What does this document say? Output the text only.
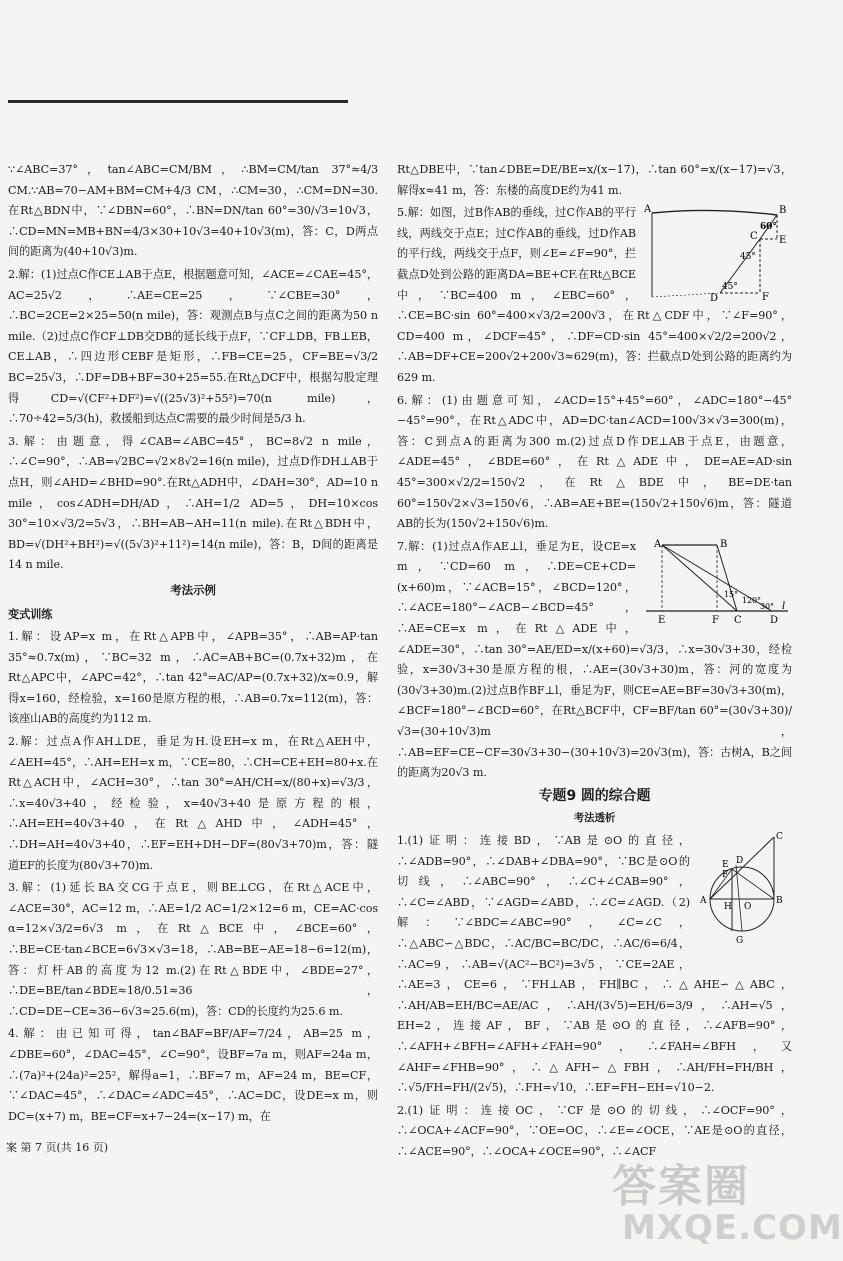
∵∠ABC=37°，tan∠ABC=CM/BM，∴BM=CM/tan 37°≈4/3 CM.∵AB=70−AM+BM=CM+4/3 CM，∴CM=30，∴CM=DN=30.在Rt△BDN中，∵∠DBN=60°，∴BN=DN/tan 60°=30/√3=10√3，∴CD=MN=MB+BN=4/3×30+10√3=40+10√3(m)，答：C，D两点间的距离为(40+10√3)m.

2.解：(1)过点C作CE⊥AB于点E，根据题意可知，∠ACE=∠CAE=45°，AC=25√2，∴AE=CE=25，∵∠CBE=30°，∴BC=2CE=2×25=50(n mile)，答：观测点B与点C之间的距离为50 n mile.（2)过点C作CF⊥DB交DB的延长线于点F，∵CF⊥DB，FB⊥EB，CE⊥AB，∴四边形CEBF是矩形，∴FB=CE=25，CF=BE=√3/2 BC=25√3，∴DF=DB+BF=30+25=55.在Rt△DCF中，根据勾股定理得CD=√(CF²+DF²)=√((25√3)²+55²)=70(n mile)，∴70÷42=5/3(h)，救援船到达点C需要的最少时间是5/3 h.

3.解：由题意，得∠CAB=∠ABC=45°，BC=8√2 n mile，∴∠C=90°，∴AB=√2BC=√2×8√2=16(n mile)，过点D作DH⊥AB于点H，则∠AHD=∠BHD=90°.在Rt△ADH中，∠DAH=30°，AD=10 n mile，cos∠ADH=DH/AD，∴AH=1/2 AD=5，DH=10×cos 30°=10×√3/2=5√3，∴BH=AB−AH=11(n mile).在Rt△BDH中，BD=√(DH²+BH²)=√((5√3)²+11²)=14(n mile)，答：B，D间的距离是14 n mile.

考法示例
变式训练

1.解：设AP=x m，在Rt△APB中，∠APB=35°，∴AB=AP·tan 35°≈0.7x(m)，∵BC=32 m，∴AC=AB+BC=(0.7x+32)m，在Rt△APC中，∠APC=42°，∴tan 42°=AC/AP=(0.7x+32)/x≈0.9，解得x=160，经检验，x=160是原方程的根，∴AB=0.7x=112(m)，答：该座山AB的高度约为112 m.

2.解：过点A作AH⊥DE，垂足为H.设EH=x m，在Rt△AEH中，∠AEH=45°，∴AH=EH=x m，∵CE=80，∴CH=CE+EH=80+x.在Rt△ACH中，∠ACH=30°，∴tan 30°=AH/CH=x/(80+x)=√3/3，∴x=40√3+40，经检验，x=40√3+40是原方程的根，∴AH=EH=40√3+40，在Rt△AHD中，∠ADH=45°，∴DH=AH=40√3+40，∴EF=EH+DH−DF=(80√3+70)m，答：隧道EF的长度为(80√3+70)m.

3.解：(1)延长BA交CG于点E，则BE⊥CG，在Rt△ACE中，∠ACE=30°，AC=12 m，∴AE=1/2 AC=1/2×12=6 m，CE=AC·cos α=12×√3/2=6√3 m，在Rt△BCE中，∠BCE=60°，∴BE=CE·tan∠BCE=6√3×√3=18，∴AB=BE−AE=18−6=12(m)，答：灯杆AB的高度为12 m.(2)在Rt△BDE中，∠BDE=27°，∴DE=BE/tan∠BDE≈18/0.51≈36，∴CD=DE−CE≈36−6√3≈25.6(m)，答：CD的长度约为25.6 m.

4.解：由已知可得，tan∠BAF=BF/AF=7/24，AB=25 m，∠DBE=60°，∠DAC=45°，∠C=90°，设BF=7a m，则AF=24a m，∴(7a)²+(24a)²=25²，解得a=1，∴BF=7 m，AF=24 m，BE=CF，∵∠DAC=45°，∴∠DAC=∠ADC=45°，∴AC=DC，设DE=x m，则DC=(x+7) m，BE=CF=x+7−24=(x−17) m，在

Rt△DBE中，∵tan∠DBE=DE/BE=x/(x−17)，∴tan 60°=x/(x−17)=√3，解得x≈41 m，答：东楼的高度DE约为41 m.

A	B
E
C
D	F
60°
45°
45°

5.解：如图，过B作AB的垂线，过C作AB的平行线，两线交于点E；过C作AB的垂线，过D作AB的平行线，两线交于点F，则∠E=∠F=90°，拦截点D处到公路的距离DA=BE+CF.在Rt△BCE中，∵BC=400 m，∠EBC=60°，∴CE=BC·sin 60°=400×√3/2=200√3，在Rt△CDF中，∵∠F=90°，CD=400 m，∠DCF=45°，∴DF=CD·sin 45°=400×√2/2=200√2，∴AB=DF+CE=200√2+200√3≈629(m)，答：拦截点D处到公路的距离约为629 m.

6.解：(1)由题意可知，∠ACD=15°+45°=60°，∠ADC=180°−45°−45°=90°，在Rt△ADC中，AD=DC·tan∠ACD=100√3×√3=300(m)，答：C到点A的距离为300 m.(2)过点D作DE⊥AB于点E，由题意，∠ADE=45°，∠BDE=60°，在Rt△ADE中，DE=AE=AD·sin 45°=300×√2/2=150√2，在Rt△BDE中，BE=DE·tan 60°=150√2×√3=150√6，∴AB=AE+BE=(150√2+150√6)m，答：隧道AB的长为(150√2+150√6)m.

A	B
E	F C	D
l
15°
120°
30°

7.解：(1)过点A作AE⊥l，垂足为E，设CE=x m，∵CD=60 m，∴DE=CE+CD=(x+60)m，∵∠ACB=15°，∠BCD=120°，∴∠ACE=180°−∠ACB−∠BCD=45°，∴AE=CE=x m，在Rt△ADE中，∠ADE=30°，∴tan 30°=AE/ED=x/(x+60)=√3/3，∴x=30√3+30，经检验，x=30√3+30是原方程的根，∴AE=(30√3+30)m，答：河的宽度为(30√3+30)m.(2)过点B作BF⊥l，垂足为F，则CE=AE=BF=30√3+30(m)，∠BCF=180°−∠BCD=60°，在Rt△BCF中，CF=BF/tan 60°=(30√3+30)/√3=(30+10√3)m，∴AB=EF=CE−CF=30√3+30−(30+10√3)=20√3(m)，答：古树A，B之间的距离为20√3 m.

专题9 圆的综合题
考法透析
C
A	B
D
E
F
G
H O

1.(1)证明：连接BD，∵AB是⊙O的直径，∴∠ADB=90°，∴∠DAB+∠DBA=90°，∵BC是⊙O的切线，∴∠ABC=90°，∴∠C+∠CAB=90°，∴∠C=∠ABD，∵∠AGD=∠ABD，∴∠C=∠AGD.（2)解：∵∠BDC=∠ABC=90°，∠C=∠C，∴△ABC∽△BDC，∴AC/BC=BC/DC，∴AC/6=6/4，∴AC=9，∴AB=√(AC²−BC²)=3√5，∵CE=2AE，∴AE=3，CE=6，∵FH⊥AB，FH∥BC，∴△AHE∽△ABC，∴AH/AB=EH/BC=AE/AC，∴AH/(3√5)=EH/6=3/9，∴AH=√5，EH=2，连接AF，BF，∵AB是⊙O的直径，∴∠AFB=90°，∴∠AFH+∠BFH=∠AFH+∠FAH=90°，∴∠FAH=∠BFH，又∠AHF=∠FHB=90°，∴△AFH∽△FBH，∴AH/FH=FH/BH，∴√5/FH=FH/(2√5)，∴FH=√10，∴EF=FH−EH=√10−2.

2.(1)证明：连接OC，∵CF是⊙O的切线，∴∠OCF=90°，∴∠OCA+∠ACF=90°，∵OE=OC，∴∠E=∠OCE，∵AE是⊙O的直径，∴∠ACE=90°，∴∠OCA+∠OCE=90°，∴∠ACF

案 第 7 页(共 16 页)
答案圈
MXQE.COM
